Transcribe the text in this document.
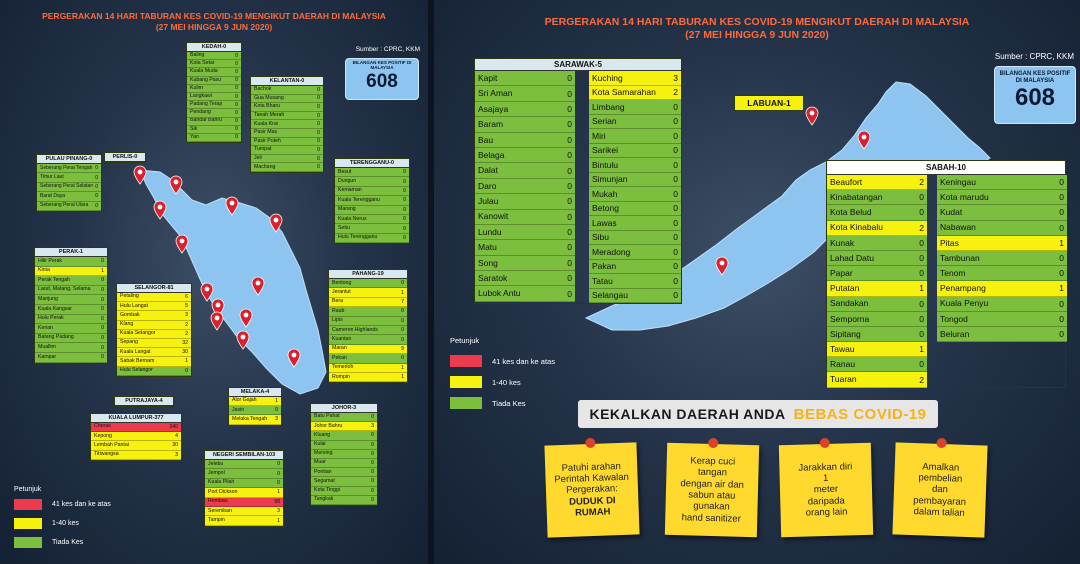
PERGERAKAN 14 HARI TABURAN KES COVID-19 MENGIKUT DAERAH DI MALAYSIA
(27 MEI HINGGA 9 JUN 2020)
Sumber : CPRC, KKM
BILANGAN KES POSITIF DI MALAYSIA
608
KEDAH-0
Baling	0
Kota Setar	0
Kuala Muda	0
Kubang Pasu	0
Kulim	0
Langkawi	0
Padang Terap 0
Pendang	0
Bandar Bahru	0
Sik	0
Yan	0
KELANTAN-0
Bachok	0
Gua Musang	0
Kota Bharu	0
Tanah Merah	0
Kuala Krai	0
Pasir Mas	0
Pasir Puteh	0
Tumpat	0
Jeli	0
Machang	0
PERLIS-0
PULAU PINANG-0
Seberang Perai Tengah 0
Timur Laut	0
Seberang Perai Selatan 0
Barat Daya	0
Seberang Perai Utara 0
TERENGGANU-0
Besut	0
Dungun	0
Kemaman	0
Kuala Terengganu	0
Marang	0
Kuala Nerus	0
Setiu	0
Hulu Terengganu	0
PERAK-1
Hilir Perak	0
Kinta	1
Perak Tengah	0
Larut, Matang, Selama 0
Manjung	0
Kuala Kangsar	0
Hulu Perak	0
Kerian	0
Batang Padang	0
Muallim	0
Kampar	0
SELANGOR-81
Petaling	6
Hulu Langat	5
Gombak	3
Klang	2
Kuala Selangor	2
Sepang	32
Kuala Langat	30
Sabak Bernam	1
Hulu Selangor	0
PAHANG-19
Bentong	0
Jerantut	1
Bera	7
Raub	0
Lipis	0
Cameron Highlands	0
Kuantan	0
Maran	9
Pekan	0
Temerloh	1
Rompin	1
PUTRAJAYA-4
KUALA LUMPUR-377
Cheras	340
Kepong	4
Lembah Pantai	30
Titiwangsa	3
MELAKA-4
Alor Gajah	1
Jasin	0
Melaka Tengah 3
JOHOR-3
Batu Pahat	0
Johor Bahru	3
Kluang	0
Kulai	0
Mersing	0
Muar	0
Pontian	0
Segamat	0
Kota Tinggi	0
Tangkak	0
NEGERI SEMBILAN-103
Jelebu	0
Jempol	0
Kuala Pilah	0
Port Dickson	1
Rembau	98
Seremban	3
Tampin	1
Petunjuk
41 kes dan ke atas
1-40 kes
Tiada Kes
PERGERAKAN 14 HARI TABURAN KES COVID-19 MENGIKUT DAERAH DI MALAYSIA
(27 MEI HINGGA 9 JUN 2020)
Sumber : CPRC, KKM
BILANGAN KES POSITIF DI MALAYSIA
608
SARAWAK-5
Kapit	0
Sri Aman	0
Asajaya	0
Baram	0
Bau	0
Belaga	0
Dalat	0
Daro	0
Julau	0
Kanowit	0
Lundu	0
Matu	0
Song	0
Saratok	0
Lubok Antu	0
Kuching	3
Kota Samarahan 2
Limbang	0
Serian	0
Miri	0
Sarikei	0
Bintulu	0
Simunjan	0
Mukah	0
Betong	0
Lawas	0
Sibu	0
Meradong	0
Pakan	0
Tatau	0
Selangau	0
SABAH-10
Beaufort	2
Kinabatangan	0
Kota Belud	0
Kota Kinabalu	2
Kunak	0
Lahad Datu	0
Papar	0
Putatan	1
Sandakan	0
Semporna	0
Sipitang	0
Tawau	1
Ranau	0
Tuaran	2
Keningau	0
Kota marudu	0
Kudat	0
Nabawan	0
Pitas	1
Tambunan	0
Tenom	0
Penampang	1
Kuala Penyu	0
Tongod	0
Beluran	0
LABUAN-1
Petunjuk
41 kes dan ke atas
1-40 kes
Tiada Kes
KEKALKAN DAERAH ANDA BEBAS COVID-19
Patuhi arahan
Perintah Kawalan
Pergerakan:
DUDUK DI
RUMAH
Kerap cuci
tangan
dengan air dan
sabun atau
gunakan
hand sanitizer
Jarakkan diri
1
meter
daripada
orang lain
Amalkan
pembelian
dan
pembayaran
dalam talian
